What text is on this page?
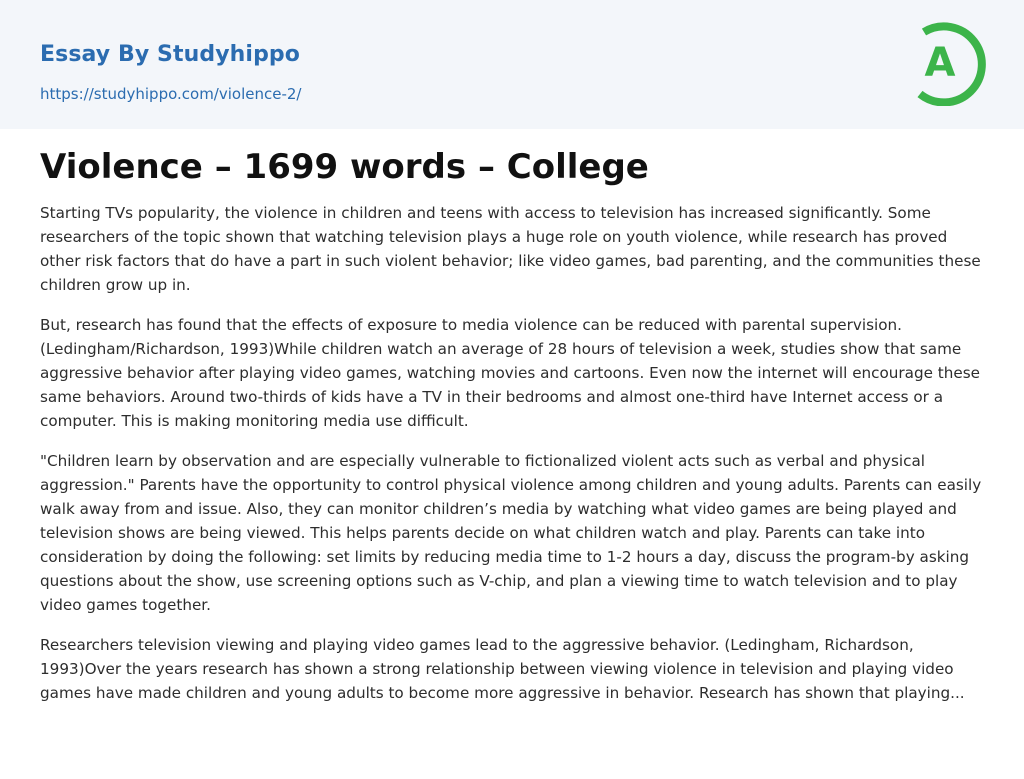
Essay By Studyhippo
https://studyhippo.com/violence-2/
A
Violence – 1699 words – College

Starting TVs popularity, the violence in children and teens with access to television has increased significantly. Some researchers of the topic shown that watching television plays a huge role on youth violence, while research has proved other risk factors that do have a part in such violent behavior; like video games, bad parenting, and the communities these children grow up in.

But, research has found that the effects of exposure to media violence can be reduced with parental supervision. (Ledingham/Richardson, 1993)While children watch an average of 28 hours of television a week, studies show that same aggressive behavior after playing video games, watching movies and cartoons. Even now the internet will encourage these same behaviors. Around two-thirds of kids have a TV in their bedrooms and almost one-third have Internet access or a computer. This is making monitoring media use difficult.

"Children learn by observation and are especially vulnerable to fictionalized violent acts such as verbal and physical aggression." Parents have the opportunity to control physical violence among children and young adults. Parents can easily walk away from and issue. Also, they can monitor children’s media by watching what video games are being played and television shows are being viewed. This helps parents decide on what children watch and play. Parents can take into consideration by doing the following: set limits by reducing media time to 1-2 hours a day, discuss the program-by asking questions about the show, use screening options such as V-chip, and plan a viewing time to watch television and to play video games together.

Researchers television viewing and playing video games lead to the aggressive behavior. (Ledingham, Richardson, 1993)Over the years research has shown a strong relationship between viewing violence in television and playing video games have made children and young adults to become more aggressive in behavior. Research has shown that playing...
